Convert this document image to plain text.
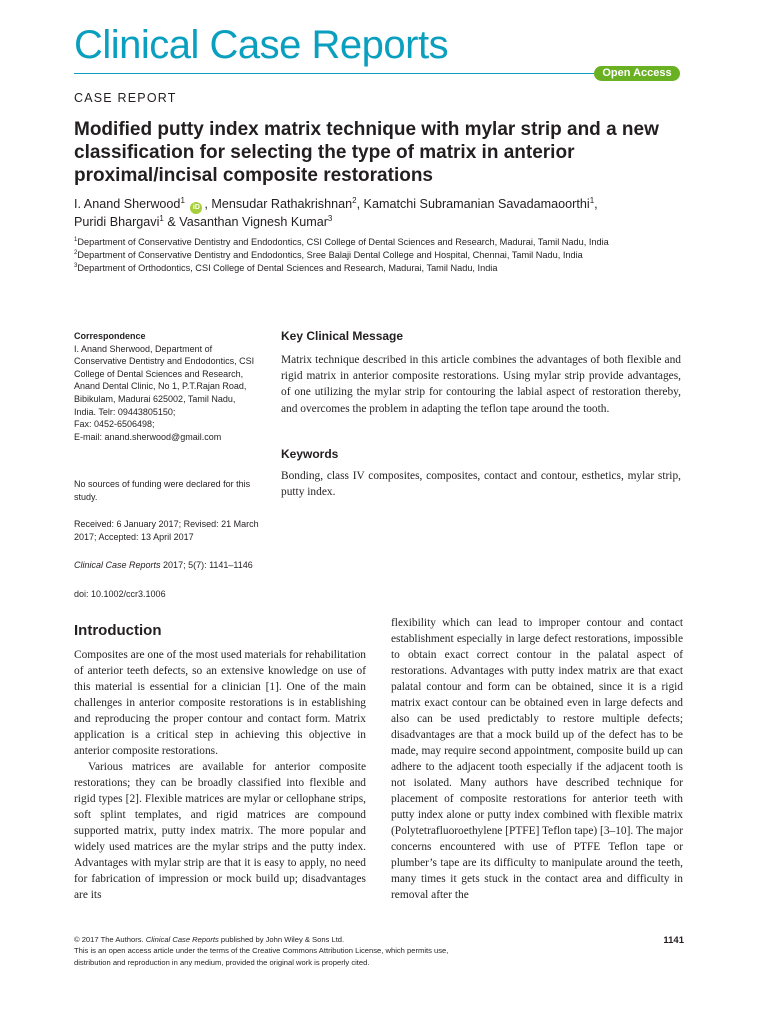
Clinical Case Reports
Open Access
CASE REPORT
Modified putty index matrix technique with mylar strip and a new classification for selecting the type of matrix in anterior proximal/incisal composite restorations
I. Anand Sherwood$^1$ iD , Mensudar Rathakrishnan$^2$, Kamatchi Subramanian Savadamaoorthi$^1$,
Puridi Bhargavi$^1$ & Vasanthan Vignesh Kumar$^3$
$^1$Department of Conservative Dentistry and Endodontics, CSI College of Dental Sciences and Research, Madurai, Tamil Nadu, India
$^2$Department of Conservative Dentistry and Endodontics, Sree Balaji Dental College and Hospital, Chennai, Tamil Nadu, India
$^3$Department of Orthodontics, CSI College of Dental Sciences and Research, Madurai, Tamil Nadu, India
Correspondence
I. Anand Sherwood, Department of
Conservative Dentistry and Endodontics, CSI
College of Dental Sciences and Research,
Anand Dental Clinic, No 1, P.T.Rajan Road,
Bibikulam, Madurai 625002, Tamil Nadu,
India. Telr: 09443805150;
Fax: 0452-6506498;
E-mail: anand.sherwood@gmail.com
No sources of funding were declared for this
study.
Received: 6 January 2017; Revised: 21 March
2017; Accepted: 13 April 2017
Clinical Case Reports 2017; 5(7): 1141–1146
doi: 10.1002/ccr3.1006
Key Clinical Message
Matrix technique described in this article combines the advantages of both flexible and rigid matrix in anterior composite restorations. Using mylar strip provide advantages, of one utilizing the mylar strip for contouring the labial aspect of restoration thereby, and overcomes the problem in adapting the teflon tape around the tooth.
Keywords
Bonding, class IV composites, composites, contact and contour, esthetics, mylar strip, putty index.
Introduction

Composites are one of the most used materials for rehabilitation of anterior teeth defects, so an extensive knowledge on use of this material is essential for a clinician [1]. One of the main challenges in anterior composite restorations is in establishing and reproducing the proper contour and contact form. Matrix application is a critical step in achieving this objective in anterior composite restorations.

Various matrices are available for anterior composite restorations; they can be broadly classified into flexible and rigid types [2]. Flexible matrices are mylar or cellophane strips, soft splint templates, and rigid matrices are compound supported matrix, putty index matrix. The more popular and widely used matrices are the mylar strips and the putty index. Advantages with mylar strip are that it is easy to apply, no need for fabrication of impression or mock build up; disadvantages are its

flexibility which can lead to improper contour and contact establishment especially in large defect restorations, impossible to obtain exact correct contour in the palatal aspect of restorations. Advantages with putty index matrix are that exact palatal contour and form can be obtained, since it is a rigid matrix exact contour can be obtained even in large defects and also can be used predictably to restore multiple defects; disadvantages are that a mock build up of the defect has to be made, may require second appointment, composite build up can adhere to the adjacent tooth especially if the adjacent tooth is not isolated. Many authors have described technique for placement of composite restorations for anterior teeth with putty index alone or putty index combined with flexible matrix (Polytetrafluoroethylene [PTFE] Teflon tape) [3–10]. The major concerns encountered with use of PTFE Teflon tape or plumber’s tape are its difficulty to manipulate around the teeth, many times it gets stuck in the contact area and difficulty in removal after the

© 2017 The Authors. Clinical Case Reports published by John Wiley & Sons Ltd.
This is an open access article under the terms of the Creative Commons Attribution License, which permits use,
distribution and reproduction in any medium, provided the original work is properly cited.
1141
